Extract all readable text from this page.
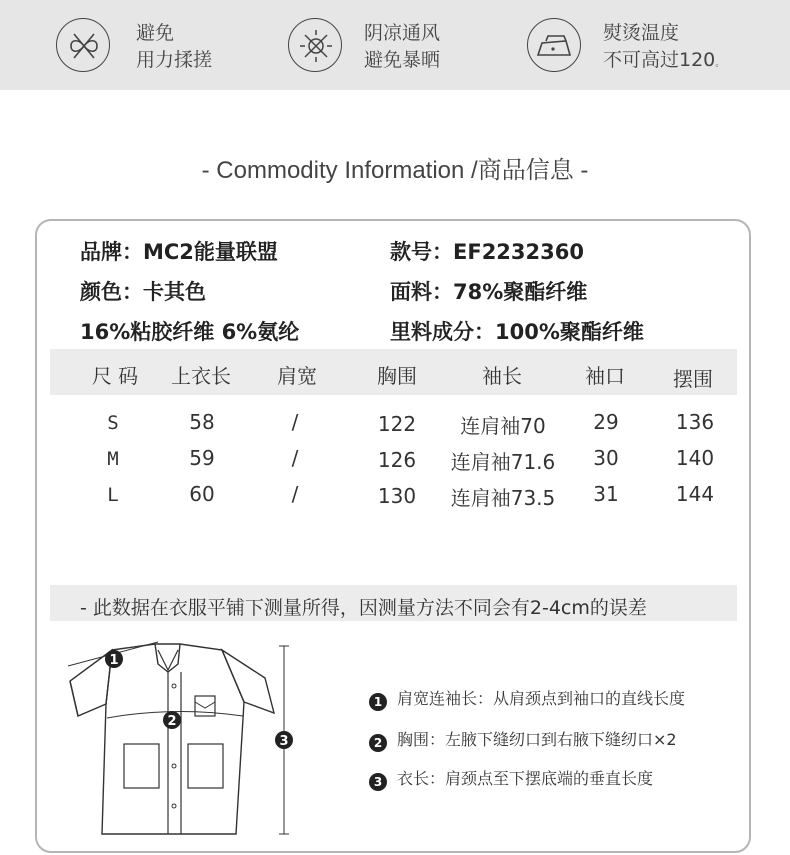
避免
用力揉搓
阴凉通风
避免暴晒
熨烫温度
不可高过120。
- Commodity Information /商品信息 -
品牌：MC2能量联盟	款号：EF2232360
颜色：卡其色	面料：78%聚酯纤维
16%粘胶纤维 6%氨纶	里料成分：100%聚酯纤维
尺 码 上衣长 肩宽	胸围	袖长	袖口 摆围
S	58	/	122 连肩袖70 29	136
M	59	/	126 连肩袖71.6 30	140
L	60	/	130 连肩袖73.5 31	144
- 此数据在衣服平铺下测量所得，因测量方法不同会有2-4cm的误差
1
2
3
1 肩宽连袖长：从肩颈点到袖口的直线长度
2 胸围：左腋下缝纫口到右腋下缝纫口×2
3 衣长：肩颈点至下摆底端的垂直长度
